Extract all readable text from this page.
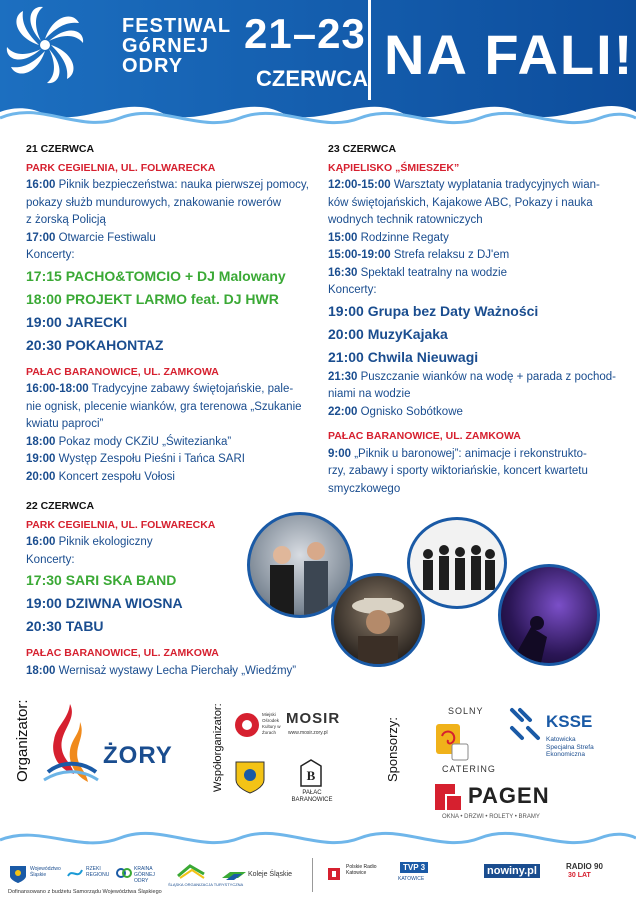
FESTIWAL
GóRNEJ
ODRY
21–23
CZERWCA NA FALI!
21 CZERWCA
PARK CEGIELNIA, UL. FOLWARECKA
16:00 Piknik bezpieczeństwa: nauka pierwszej pomocy,
pokazy służb mundurowych, znakowanie rowerów
z żorską Policją
17:00 Otwarcie Festiwalu
Koncerty:
17:15 PACHO&TOMCIO + DJ Malowany
18:00 PROJEKT LARMO feat. DJ HWR
19:00 JARECKI
20:30 POKAHONTAZ
PAŁAC BARANOWICE, UL. ZAMKOWA
16:00-18:00 Tradycyjne zabawy świętojańskie, pale-
nie ognisk, plecenie wianków, gra terenowa „Szukanie
kwiatu paproci”
18:00 Pokaz mody CKZiU „Świtezianka”
19:00 Występ Zespołu Pieśni i Tańca SARI
20:00 Koncert zespołu Vołosi
22 CZERWCA
PARK CEGIELNIA, UL. FOLWARECKA
16:00 Piknik ekologiczny
Koncerty:
17:30 SARI SKA BAND
19:00 DZIWNA WIOSNA
20:30 TABU
PAŁAC BARANOWICE, UL. ZAMKOWA
18:00 Wernisaż wystawy Lecha Pierchały „Wiedźmy”
23 CZERWCA
KĄPIELISKO „ŚMIESZEK”
12:00-15:00 Warsztaty wyplatania tradycyjnych wian-
ków świętojańskich, Kajakowe ABC, Pokazy i nauka
wodnych technik ratowniczych
15:00 Rodzinne Regaty
15:00-19:00 Strefa relaksu z DJ'em
16:30 Spektakl teatralny na wodzie
Koncerty:
19:00 Grupa bez Daty Ważności
20:00 MuzyKajaka
21:00 Chwila Nieuwagi
21:30 Puszczanie wianków na wodę + parada z pochod-
niami na wodzie
22:00 Ognisko Sobótkowe
PAŁAC BARANOWICE, UL. ZAMKOWA
9:00 „Piknik u baronowej”: animacje i rekonstrukto-
rzy, zabawy i sporty wiktoriańskie, koncert kwartetu
smyczkowego
Organizator:	ŻORY	Współorganizator:	Miejski Ośrodek Kultury w Żorach
MOSIR
www.mosir.zory.pl
B
PAŁAC BARANOWICE
Sponsorzy:
SOLNY
CATERING
KSSE
Katowicka
Specjalna Strefa
Ekonomiczna
PAGEN
OKNA • DRZWI • ROLETY • BRAMY
Województwo Śląskie
RZEKI REGIONU
KRAINA GÓRNEJ ODRY
ŚLĄSKA ORGANIZACJA TURYSTYCZNA
Koleje Śląskie
Polskie Radio Katowice
TVP 3
KATOWICE
nowiny.pl	RADIO 90
30 LAT
Dofinansowano z budżetu Samorządu Województwa Śląskiego
